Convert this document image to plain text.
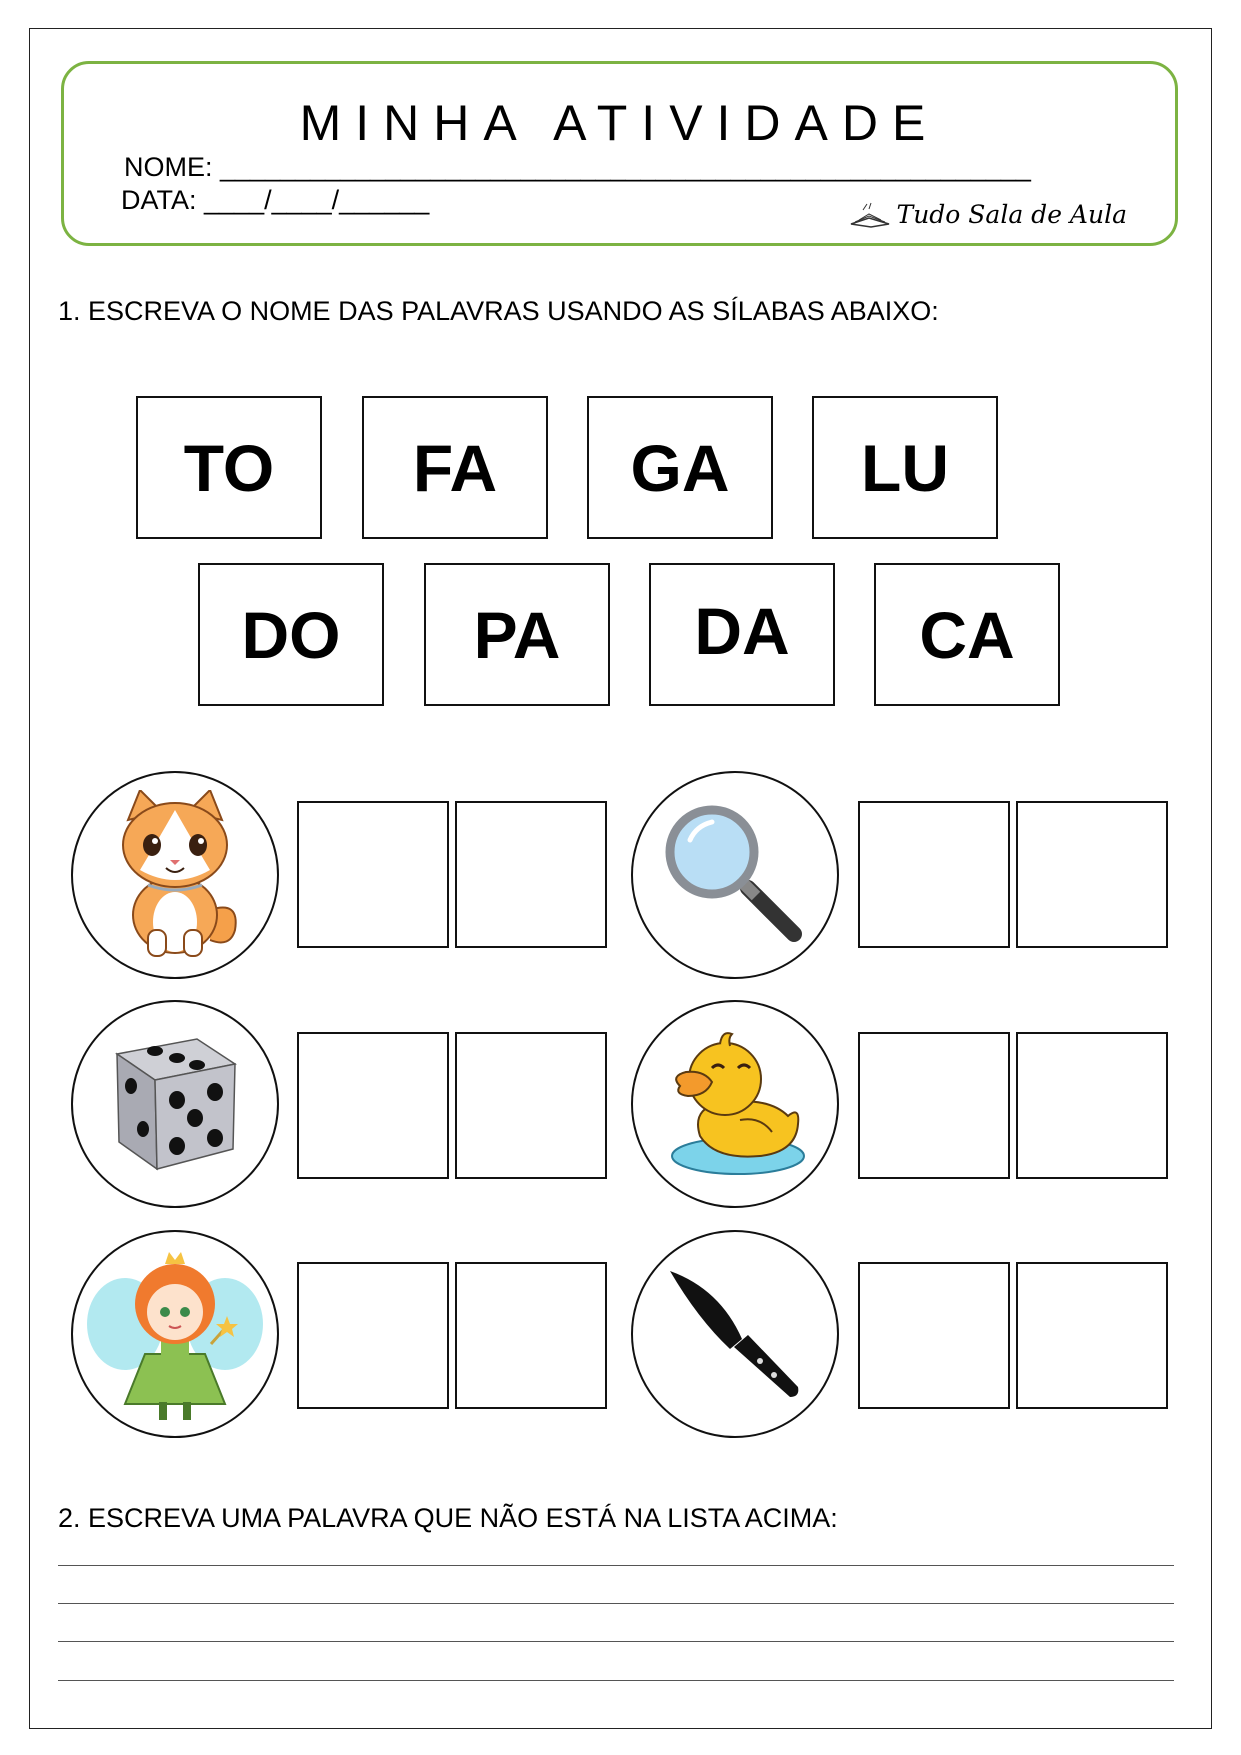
MINHA ATIVIDADE
NOME: ______________________________________________________
DATA: ____/____/______	Tudo Sala de Aula
1. ESCREVA O NOME DAS PALAVRAS USANDO AS SÍLABAS ABAIXO:
TO	FA	GA	LU
DO	PA	DA	CA
2. ESCREVA UMA PALAVRA QUE NÃO ESTÁ NA LISTA ACIMA:
